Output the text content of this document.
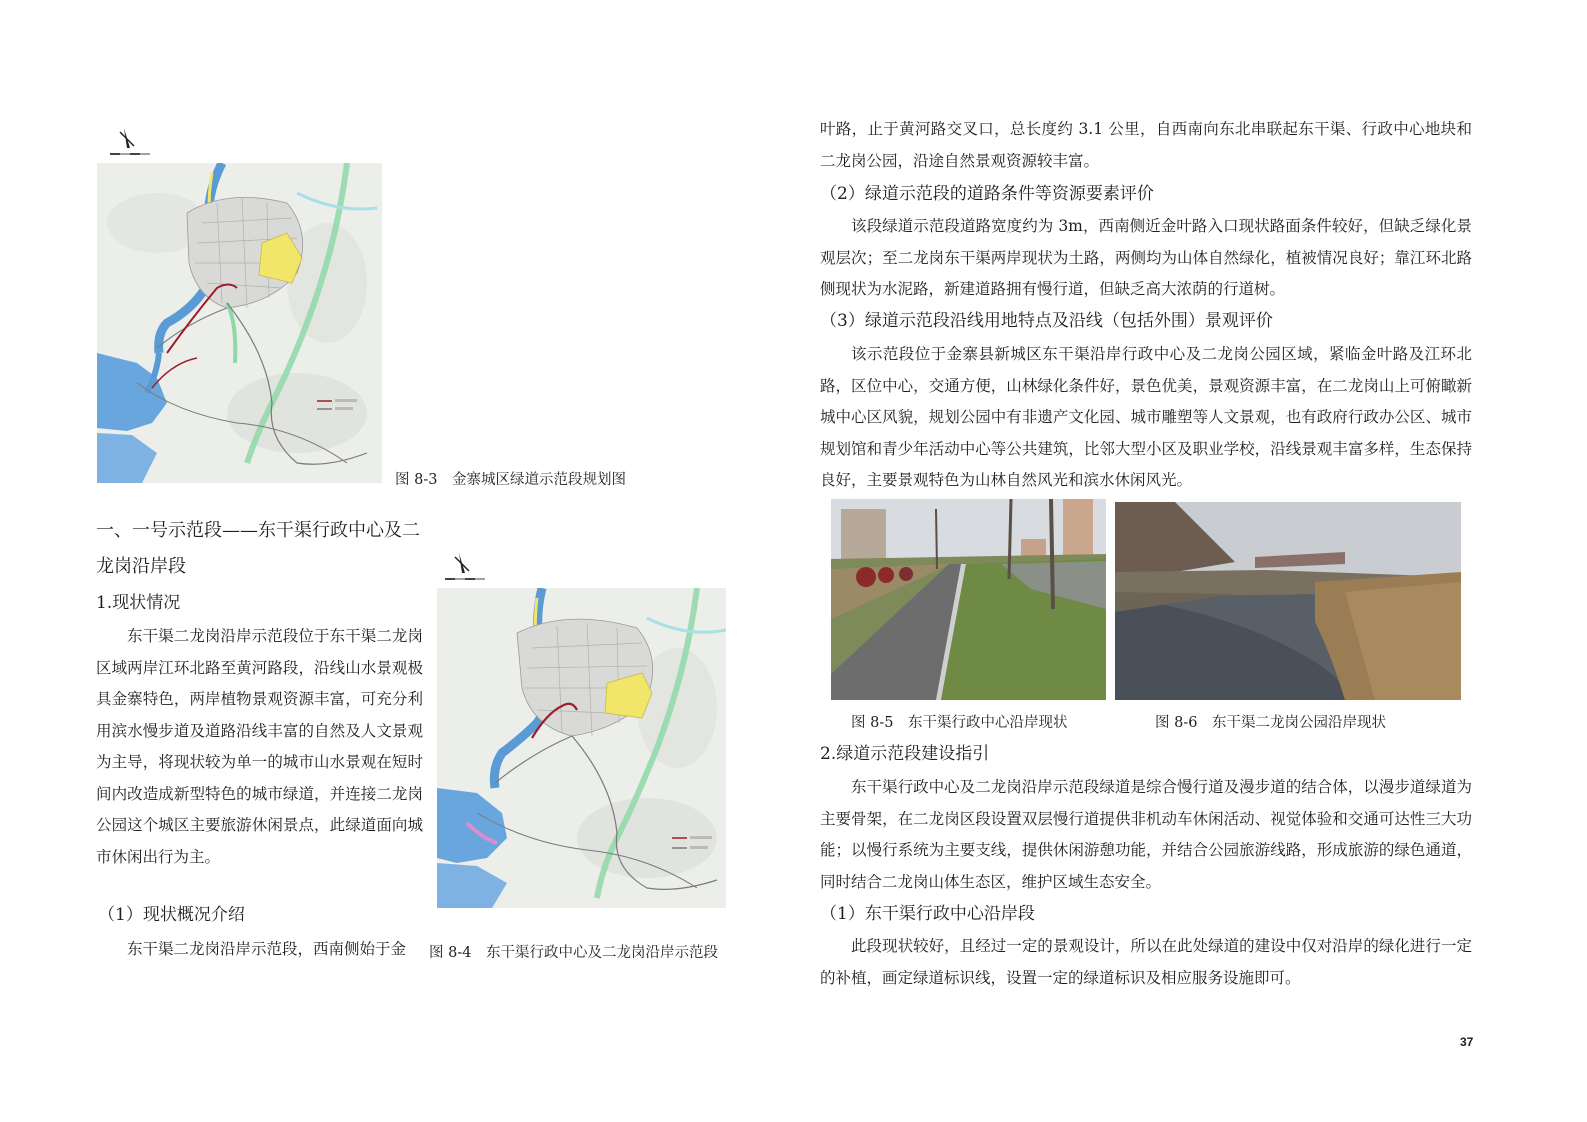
图 8-3　金寨城区绿道示范段规划图

一、一号示范段——东干渠行政中心及二

龙岗沿岸段

1.现状情况

东干渠二龙岗沿岸示范段位于东干渠二龙岗区域两岸江环北路至黄河路段，沿线山水景观极具金寨特色，两岸植物景观资源丰富，可充分利用滨水慢步道及道路沿线丰富的自然及人文景观为主导，将现状较为单一的城市山水景观在短时间内改造成新型特色的城市绿道，并连接二龙岗公园这个城区主要旅游休闲景点，此绿道面向城市休闲出行为主。

（1）现状概况介绍

东干渠二龙岗沿岸示范段，西南侧始于金	图 8-4　东干渠行政中心及二龙岗沿岸示范段

叶路，止于黄河路交叉口，总长度约 3.1 公里，自西南向东北串联起东干渠、行政中心地块和二龙岗公园，沿途自然景观资源较丰富。

（2）绿道示范段的道路条件等资源要素评价

该段绿道示范段道路宽度约为 3m，西南侧近金叶路入口现状路面条件较好，但缺乏绿化景观层次；至二龙岗东干渠两岸现状为土路，两侧均为山体自然绿化，植被情况良好；靠江环北路侧现状为水泥路，新建道路拥有慢行道，但缺乏高大浓荫的行道树。

（3）绿道示范段沿线用地特点及沿线（包括外围）景观评价

该示范段位于金寨县新城区东干渠沿岸行政中心及二龙岗公园区域，紧临金叶路及江环北路，区位中心，交通方便，山林绿化条件好，景色优美，景观资源丰富，在二龙岗山上可俯瞰新城中心区风貌，规划公园中有非遗产文化园、城市雕塑等人文景观，也有政府行政办公区、城市规划馆和青少年活动中心等公共建筑，比邻大型小区及职业学校，沿线景观丰富多样，生态保持良好，主要景观特色为山林自然风光和滨水休闲风光。

图 8-5　东干渠行政中心沿岸现状	图 8-6　东干渠二龙岗公园沿岸现状

2.绿道示范段建设指引

东干渠行政中心及二龙岗沿岸示范段绿道是综合慢行道及漫步道的结合体，以漫步道绿道为主要骨架，在二龙岗区段设置双层慢行道提供非机动车休闲活动、视觉体验和交通可达性三大功能；以慢行系统为主要支线，提供休闲游憩功能，并结合公园旅游线路，形成旅游的绿色通道，同时结合二龙岗山体生态区，维护区域生态安全。

（1）东干渠行政中心沿岸段

此段现状较好，且经过一定的景观设计，所以在此处绿道的建设中仅对沿岸的绿化进行一定的补植，画定绿道标识线，设置一定的绿道标识及相应服务设施即可。

37
